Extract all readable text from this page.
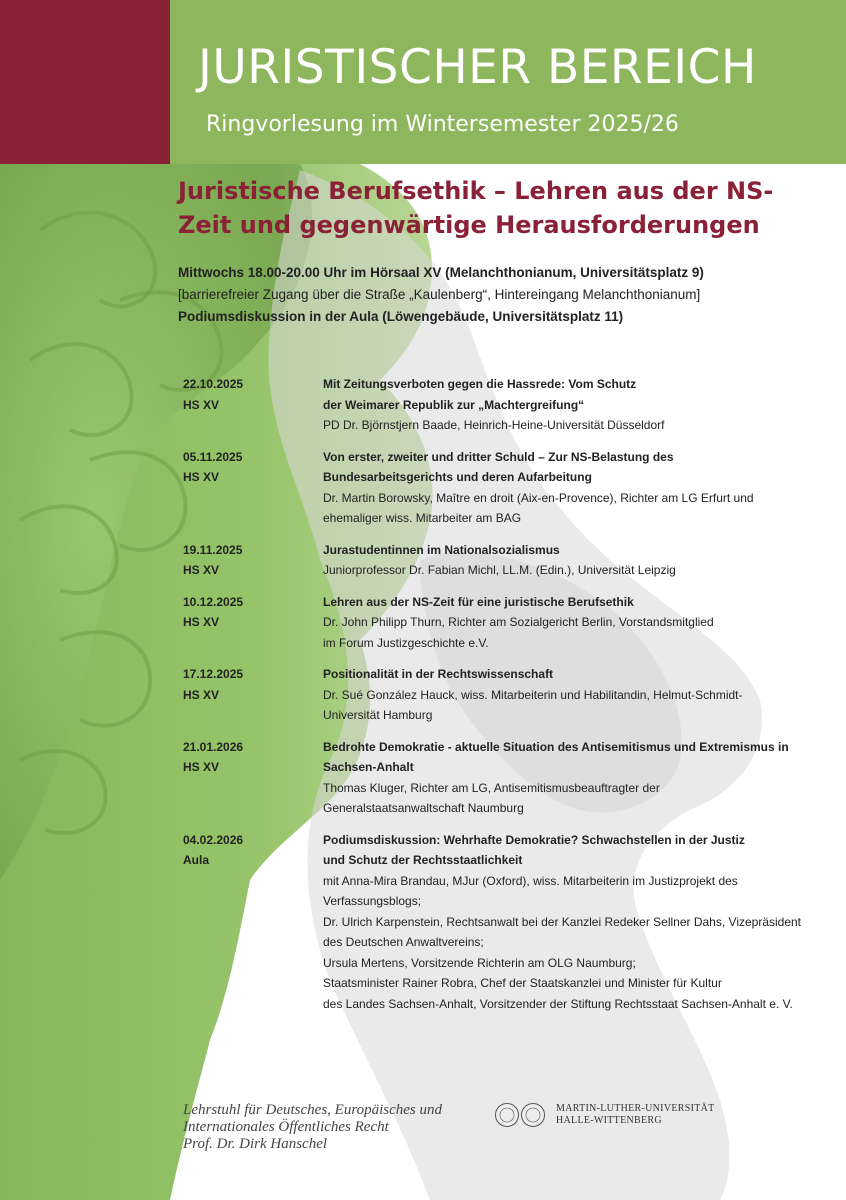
JURISTISCHER BEREICH
Ringvorlesung im Wintersemester 2025/26
Juristische Berufsethik – Lehren aus der NS-Zeit und gegenwärtige Herausforderungen

Mittwochs 18.00-20.00 Uhr im Hörsaal XV (Melanchthonianum, Universitätsplatz 9)

[barrierefreier Zugang über die Straße „Kaulenberg“, Hintereingang Melanchthonianum]

Podiumsdiskussion in der Aula (Löwengebäude, Universitätsplatz 11)

22.10.2025
HS XV
Mit Zeitungsverboten gegen die Hassrede: Vom Schutz
der Weimarer Republik zur „Machtergreifung“
PD Dr. Björnstjern Baade, Heinrich-Heine-Universität Düsseldorf
05.11.2025
HS XV
Von erster, zweiter und dritter Schuld – Zur NS-Belastung des
Bundesarbeitsgerichts und deren Aufarbeitung
Dr. Martin Borowsky, Maître en droit (Aix-en-Provence), Richter am LG Erfurt und
ehemaliger wiss. Mitarbeiter am BAG
19.11.2025
HS XV
Jurastudentinnen im Nationalsozialismus
Juniorprofessor Dr. Fabian Michl, LL.M. (Edin.), Universität Leipzig
10.12.2025
HS XV
Lehren aus der NS-Zeit für eine juristische Berufsethik
Dr. John Philipp Thurn, Richter am Sozialgericht Berlin, Vorstandsmitglied
im Forum Justizgeschichte e.V.
17.12.2025
HS XV
Positionalität in der Rechtswissenschaft
Dr. Sué González Hauck, wiss. Mitarbeiterin und Habilitandin, Helmut-Schmidt-
Universität Hamburg
21.01.2026
HS XV
Bedrohte Demokratie - aktuelle Situation des Antisemitismus und Extremismus in
Sachsen-Anhalt
Thomas Kluger, Richter am LG, Antisemitismusbeauftragter der
Generalstaatsanwaltschaft Naumburg
04.02.2026
Aula
Podiumsdiskussion: Wehrhafte Demokratie? Schwachstellen in der Justiz
und Schutz der Rechtsstaatlichkeit
mit Anna-Mira Brandau, MJur (Oxford), wiss. Mitarbeiterin im Justizprojekt des
Verfassungsblogs;
Dr. Ulrich Karpenstein, Rechtsanwalt bei der Kanzlei Redeker Sellner Dahs, Vizepräsident
des Deutschen Anwaltvereins;
Ursula Mertens, Vorsitzende Richterin am OLG Naumburg;
Staatsminister Rainer Robra, Chef der Staatskanzlei und Minister für Kultur
des Landes Sachsen-Anhalt, Vorsitzender der Stiftung Rechtsstaat Sachsen-Anhalt e. V.
Lehrstuhl für Deutsches, Europäisches und
Internationales Öffentliches Recht
Prof. Dr. Dirk Hanschel
MARTIN-LUTHER-UNIVERSITÄT
HALLE-WITTENBERG
